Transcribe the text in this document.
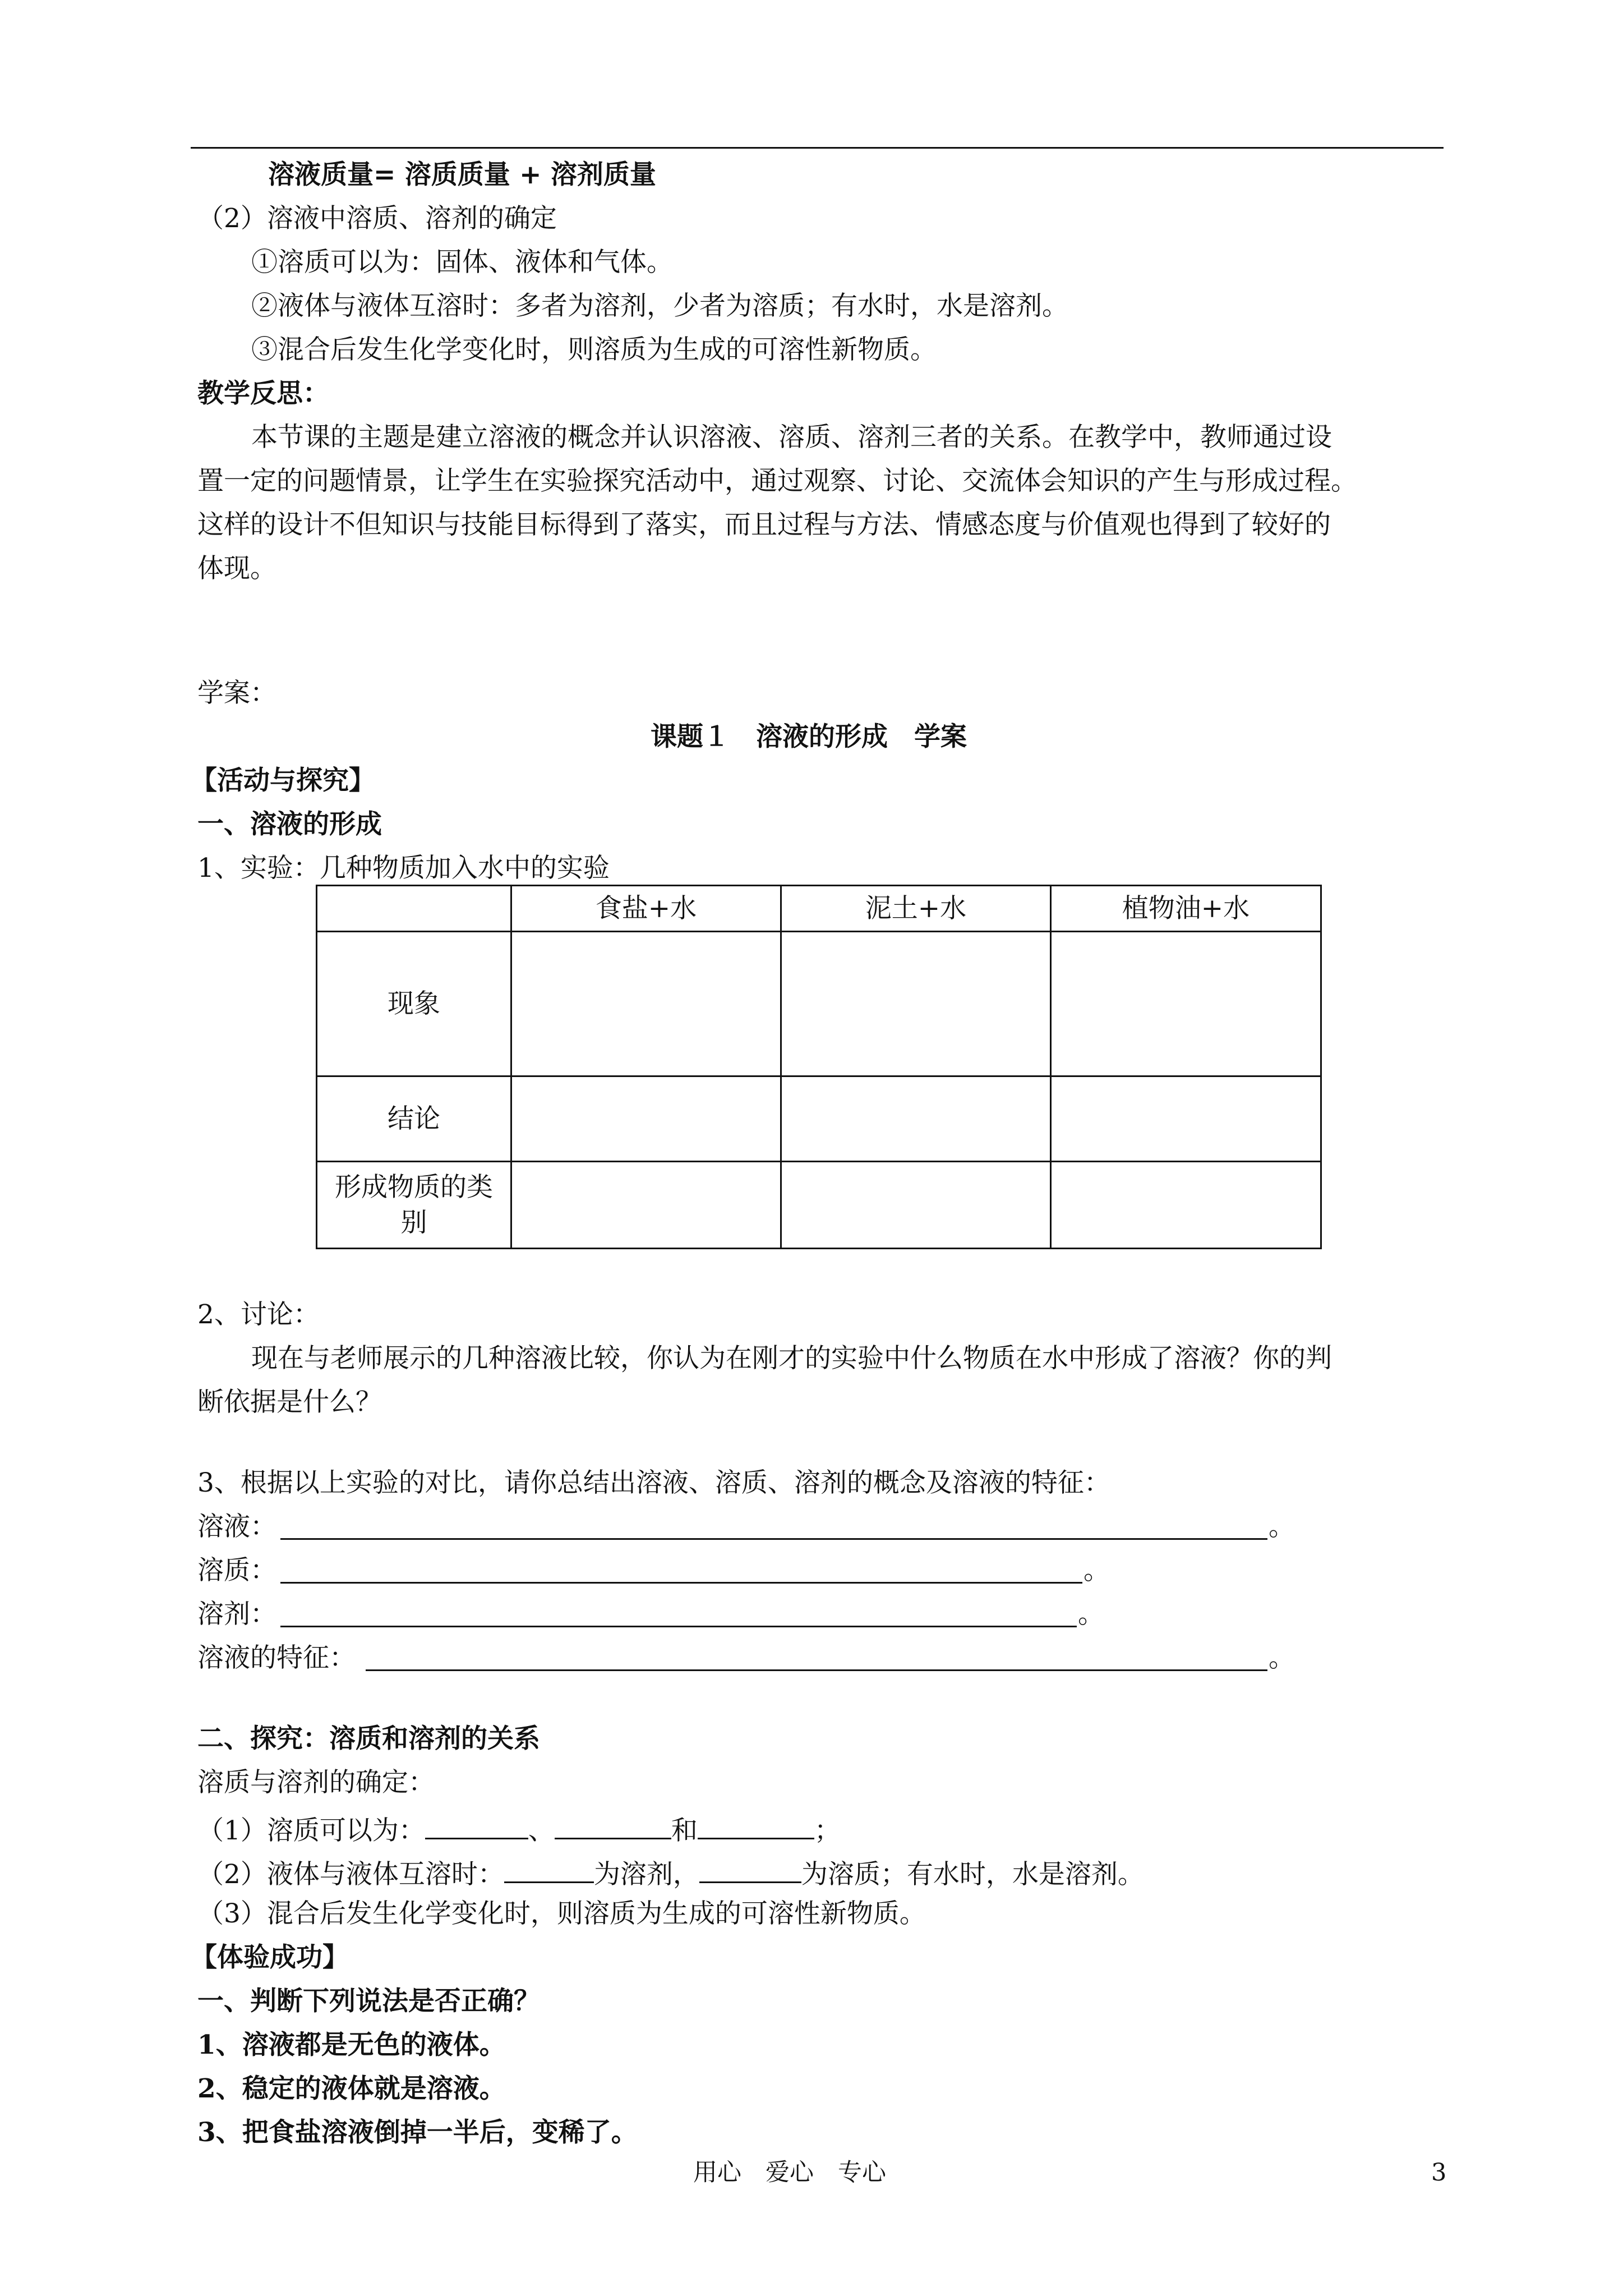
溶液质量= 溶质质量 + 溶剂质量
（2）溶液中溶质、溶剂的确定
①溶质可以为：固体、液体和气体。
②液体与液体互溶时：多者为溶剂，少者为溶质；有水时，水是溶剂。
③混合后发生化学变化时，则溶质为生成的可溶性新物质。
教学反思：
本节课的主题是建立溶液的概念并认识溶液、溶质、溶剂三者的关系。在教学中，教师通过设
置一定的问题情景，让学生在实验探究活动中，通过观察、讨论、交流体会知识的产生与形成过程。
这样的设计不但知识与技能目标得到了落实，而且过程与方法、情感态度与价值观也得到了较好的
体现。
学案：
课题１　溶液的形成　学案
【活动与探究】
一、溶液的形成
1、实验：几种物质加入水中的实验
	食盐+水	泥土+水	植物油+水
现象			
结论			
形成物质的类别			
2、讨论：
现在与老师展示的几种溶液比较，你认为在刚才的实验中什么物质在水中形成了溶液？你的判
断依据是什么？
3、根据以上实验的对比，请你总结出溶液、溶质、溶剂的概念及溶液的特征：
溶液：	。
溶质：	。
溶剂：	。
溶液的特征：	。
二、探究：溶质和溶剂的关系
溶质与溶剂的确定：
（1）溶质可以为：	、	和	；
（2）液体与液体互溶时：	为溶剂，	为溶质；有水时，水是溶剂。
（3）混合后发生化学变化时，则溶质为生成的可溶性新物质。
【体验成功】
一、判断下列说法是否正确？
1、溶液都是无色的液体。
2、稳定的液体就是溶液。
3、把食盐溶液倒掉一半后，变稀了。
用心　爱心　专心	3
